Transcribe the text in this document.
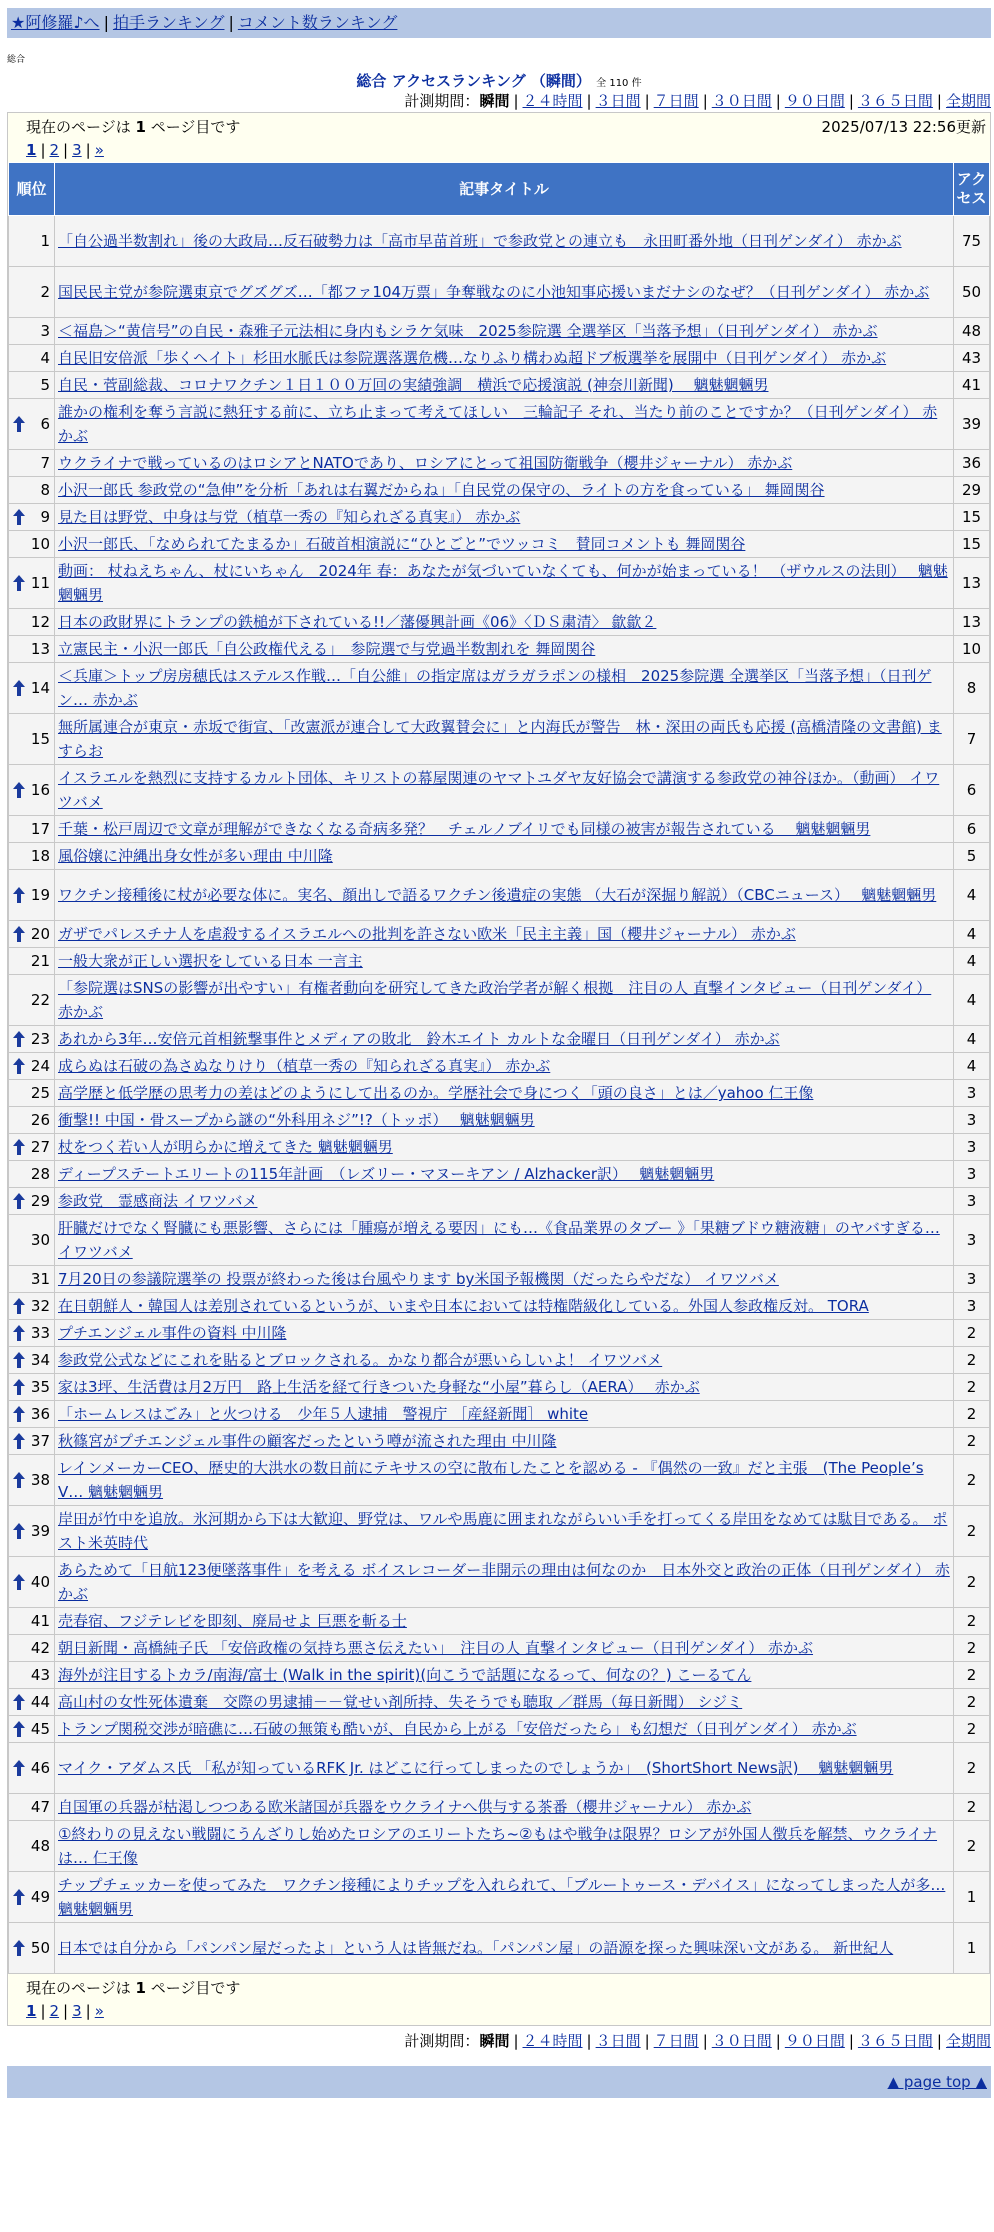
★阿修羅♪へ | 拍手ランキング | コメント数ランキング
総合
総合 アクセスランキング （瞬間） 全 110 件
計測期間：瞬間 | ２４時間 | ３日間 | ７日間 | ３０日間 | ９０日間 | ３６５日間 | 全期間
現在のページは 1 ページ目です	2025/07/13 22:56更新
1 | 2 | 3 | »
順位	記事タイトル	アクセス
1	「自公過半数割れ」後の大政局…反石破勢力は「高市早苗首班」で参政党との連立も　永田町番外地（日刊ゲンダイ） 赤かぶ	75
2	国民民主党が参院選東京でグズグズ…「都ファ104万票」争奪戦なのに小池知事応援いまだナシのなぜ？（日刊ゲンダイ） 赤かぶ	50
3	＜福島＞“黄信号”の自民・森雅子元法相に身内もシラケ気味　2025参院選 全選挙区「当落予想」（日刊ゲンダイ） 赤かぶ	48
4	自民旧安倍派「歩くヘイト」杉田水脈氏は参院選落選危機…なりふり構わぬ超ドブ板選挙を展開中（日刊ゲンダイ） 赤かぶ	43
5	自民・菅副総裁、コロナワクチン１日１００万回の実績強調　横浜で応援演説 (神奈川新聞)　 魑魅魍魎男	41

6	誰かの権利を奪う言説に熱狂する前に、立ち止まって考えてほしい　三輪記子 それ、当たり前のことですか？（日刊ゲンダイ） 赤かぶ	39
7	ウクライナで戦っているのはロシアとNATOであり、ロシアにとって祖国防衛戦争（櫻井ジャーナル） 赤かぶ	36
8	小沢一郎氏 参政党の“急伸”を分析「あれは右翼だからね」「自民党の保守の、ライトの方を食っている」 舞岡関谷	29

9	見た目は野党、中身は与党（植草一秀の『知られざる真実』） 赤かぶ	15
10	小沢一郎氏、「なめられてたまるか」石破首相演説に“ひとごと”でツッコミ　賛同コメントも 舞岡関谷	15

11	動画： 杖ねえちゃん、杖にいちゃん　2024年 春：あなたが気づいていなくても、何かが始まっている！ （ザウルスの法則）　 魑魅魍魎男	13
12	日本の政財界にトランプの鉄槌が下されている!!／藩優興計画《06》〈ＤＳ粛清〉 歙歙２	13
13	立憲民主・小沢一郎氏「自公政権代える」　参院選で与党過半数割れを 舞岡関谷	10

14	＜兵庫＞トップ房房穂氏はステルス作戦…「自公維」の指定席はガラガラポンの様相　2025参院選 全選挙区「当落予想」（日刊ゲン… 赤かぶ	8
15	無所属連合が東京・赤坂で街宣、「改憲派が連合して大政翼賛会に」と内海氏が警告　林・深田の両氏も応援 (高橋清隆の文書館) ますらお	7

16	イスラエルを熱烈に支持するカルト団体、キリストの幕屋関連のヤマトユダヤ友好協会で講演する参政党の神谷ほか。（動画） イワツバメ	6
17	千葉・松戸周辺で文章が理解ができなくなる奇病多発？　チェルノブイリでも同様の被害が報告されている　 魑魅魍魎男	6
18	風俗嬢に沖縄出身女性が多い理由 中川隆	5

19	ワクチン接種後に杖が必要な体に。実名、顔出しで語るワクチン後遺症の実態 （大石が深掘り解説）（CBCニュース）　 魑魅魍魎男	4

20	ガザでパレスチナ人を虐殺するイスラエルへの批判を許さない欧米「民主主義」国（櫻井ジャーナル） 赤かぶ	4
21	一般大衆が正しい選択をしている日本 一言主	4
22	「参院選はSNSの影響が出やすい」有権者動向を研究してきた政治学者が解く根拠　注目の人 直撃インタビュー（日刊ゲンダイ） 赤かぶ	4

23	あれから3年…安倍元首相銃撃事件とメディアの敗北　鈴木エイト カルトな金曜日（日刊ゲンダイ） 赤かぶ	4

24	成らぬは石破の為さぬなりけり（植草一秀の『知られざる真実』） 赤かぶ	4
25	高学歴と低学歴の思考力の差はどのようにして出るのか。学歴社会で身につく「頭の良さ」とは／yahoo 仁王像	3
26	衝撃!! 中国・骨スープから謎の“外科用ネジ”!?（トッポ）　 魑魅魍魎男	3

27	杖をつく若い人が明らかに増えてきた 魑魅魍魎男	3
28	ディープステートエリートの115年計画　（レズリー・マヌーキアン / Alzhacker訳）　 魑魅魍魎男	3

29	参政党　霊感商法 イワツバメ	3
30	肝臓だけでなく腎臓にも悪影響、さらには「腫瘍が増える要因」にも…《食品業界のタブー 》「果糖ブドウ糖液糖」のヤバすぎる… イワツバメ	3
31	7月20日の参議院選挙の 投票が終わった後は台風やります by米国予報機関（だったらやだな） イワツバメ	3

32	在日朝鮮人・韓国人は差別されているというが、いまや日本においては特権階級化している。外国人参政権反対。 TORA	3

33	プチエンジェル事件の資料 中川隆	2

34	参政党公式などにこれを貼るとブロックされる。かなり都合が悪いらしいよ！ イワツバメ	2

35	家は3坪、生活費は月2万円　路上生活を経て行きついた身軽な“小屋”暮らし（AERA）　 赤かぶ	2

36	「ホームレスはごみ」と火つける　少年５人逮捕　警視庁 ［産経新聞］ white	2

37	秋篠宮がプチエンジェル事件の顧客だったという噂が流された理由 中川隆	2

38	レインメーカーCEO、歴史的大洪水の数日前にテキサスの空に散布したことを認める - 『偶然の一致』だと主張　(The People’s V… 魑魅魍魎男	2

39	岸田が竹中を追放。氷河期から下は大歓迎、野党は、ワルや馬鹿に囲まれながらいい手を打ってくる岸田をなめては駄目である。 ポスト米英時代	2

40	あらためて「日航123便墜落事件」を考える ボイスレコーダー非開示の理由は何なのか　日本外交と政治の正体（日刊ゲンダイ） 赤かぶ	2
41	売春宿、フジテレビを即刻、廃局せよ 巨悪を斬る士	2
42	朝日新聞・高橋純子氏 「安倍政権の気持ち悪さ伝えたい」　注目の人 直撃インタビュー（日刊ゲンダイ） 赤かぶ	2
43	海外が注目するトカラ/南海/富士 (Walk in the spirit)(向こうで話題になるって、何なの？) こーるてん	2

44	高山村の女性死体遺棄　交際の男逮捕－－覚せい剤所持、失そうでも聴取 ／群馬（毎日新聞） シジミ	2

45	トランプ関税交渉が暗礁に…石破の無策も酷いが、自民から上がる「安倍だったら」も幻想だ（日刊ゲンダイ） 赤かぶ	2

46	マイク・アダムス氏 「私が知っているRFK Jr. はどこに行ってしまったのでしょうか」　(ShortShort News訳)　 魑魅魍魎男	2
47	自国軍の兵器が枯渇しつつある欧米諸国が兵器をウクライナへ供与する茶番（櫻井ジャーナル） 赤かぶ	2
48	①終わりの見えない戦闘にうんざりし始めたロシアのエリートたち~②もはや戦争は限界？ロシアが外国人徴兵を解禁、ウクライナは… 仁王像	2

49	チップチェッカーを使ってみた　ワクチン接種によりチップを入れられて、「ブルートゥース・デバイス」になってしまった人が多… 魑魅魍魎男	1

50	日本では自分から「パンパン屋だったよ」という人は皆無だね。「パンパン屋」の語源を探った興味深い文がある。 新世紀人	1
現在のページは 1 ページ目です
1 | 2 | 3 | »
計測期間：瞬間 | ２４時間 | ３日間 | ７日間 | ３０日間 | ９０日間 | ３６５日間 | 全期間
▲ page top ▲
